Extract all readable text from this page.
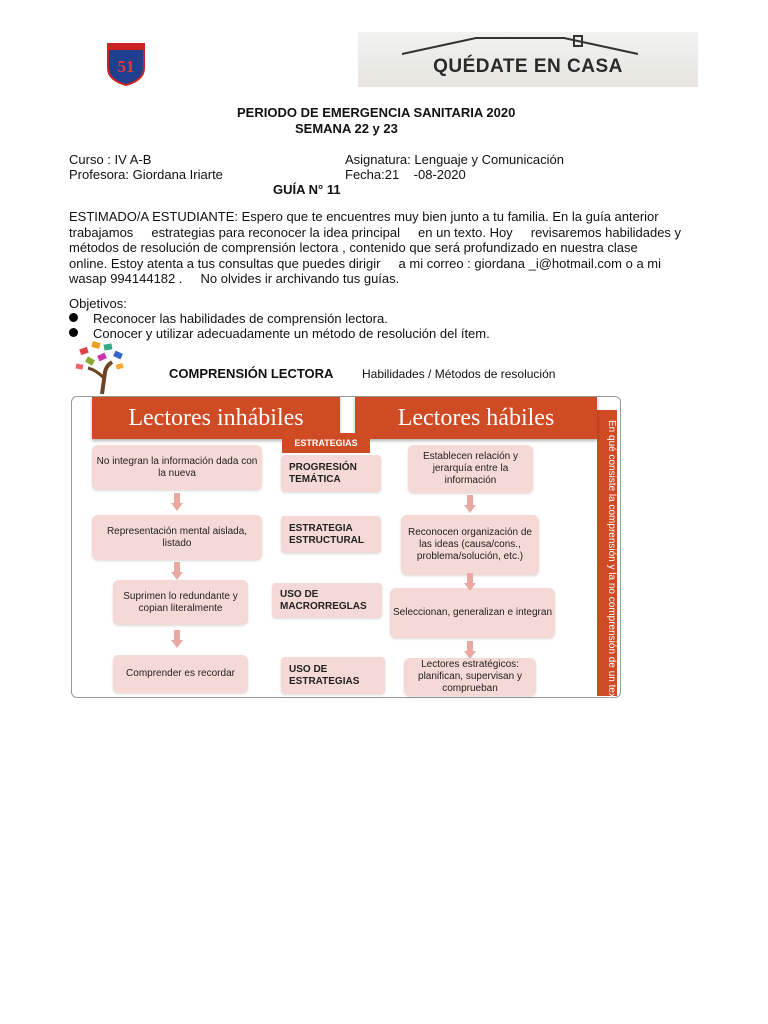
51	QUÉDATE EN CASA
PERIODO DE EMERGENCIA SANITARIA 2020
SEMANA 22 y 23
Curso : IV A-B	Asignatura: Lenguaje y Comunicación
Profesora: Giordana Iriarte	Fecha:21    -08-2020
GUÍA N° 11
ESTIMADO/A ESTUDIANTE: Espero que te encuentres muy bien junto a tu familia. En la guía anterior
trabajamos     estrategias para reconocer la idea principal     en un texto. Hoy     revisaremos habilidades y
métodos de resolución de comprensión lectora , contenido que será profundizado en nuestra clase
online. Estoy atenta a tus consultas que puedes dirigir     a mi correo : giordana _i@hotmail.com o a mi
wasap 994144182 .     No olvides ir archivando tus guías.
Objetivos:
Reconocer las habilidades de comprensión lectora.
Conocer y utilizar adecuadamente un método de resolución del ítem.
COMPRENSIÓN LECTORA Habilidades / Métodos de resolución
En qué consiste la comprensión y la no comprensión de un texto
Lectores inhábiles	Lectores hábiles
ESTRATEGIAS
No integran la información dada con la nueva
Representación mental aislada, listado
Suprimen lo redundante y copian literalmente
Comprender es recordar
PROGRESIÓN TEMÁTICA
ESTRATEGIA ESTRUCTURAL
USO DE MACRORREGLAS
USO DE ESTRATEGIAS
Establecen relación y jerarquía entre la información
Reconocen organización de las ideas (causa/cons., problema/solución, etc.)
Seleccionan, generalizan e integran
Lectores estratégicos: planifican, supervisan y comprueban
